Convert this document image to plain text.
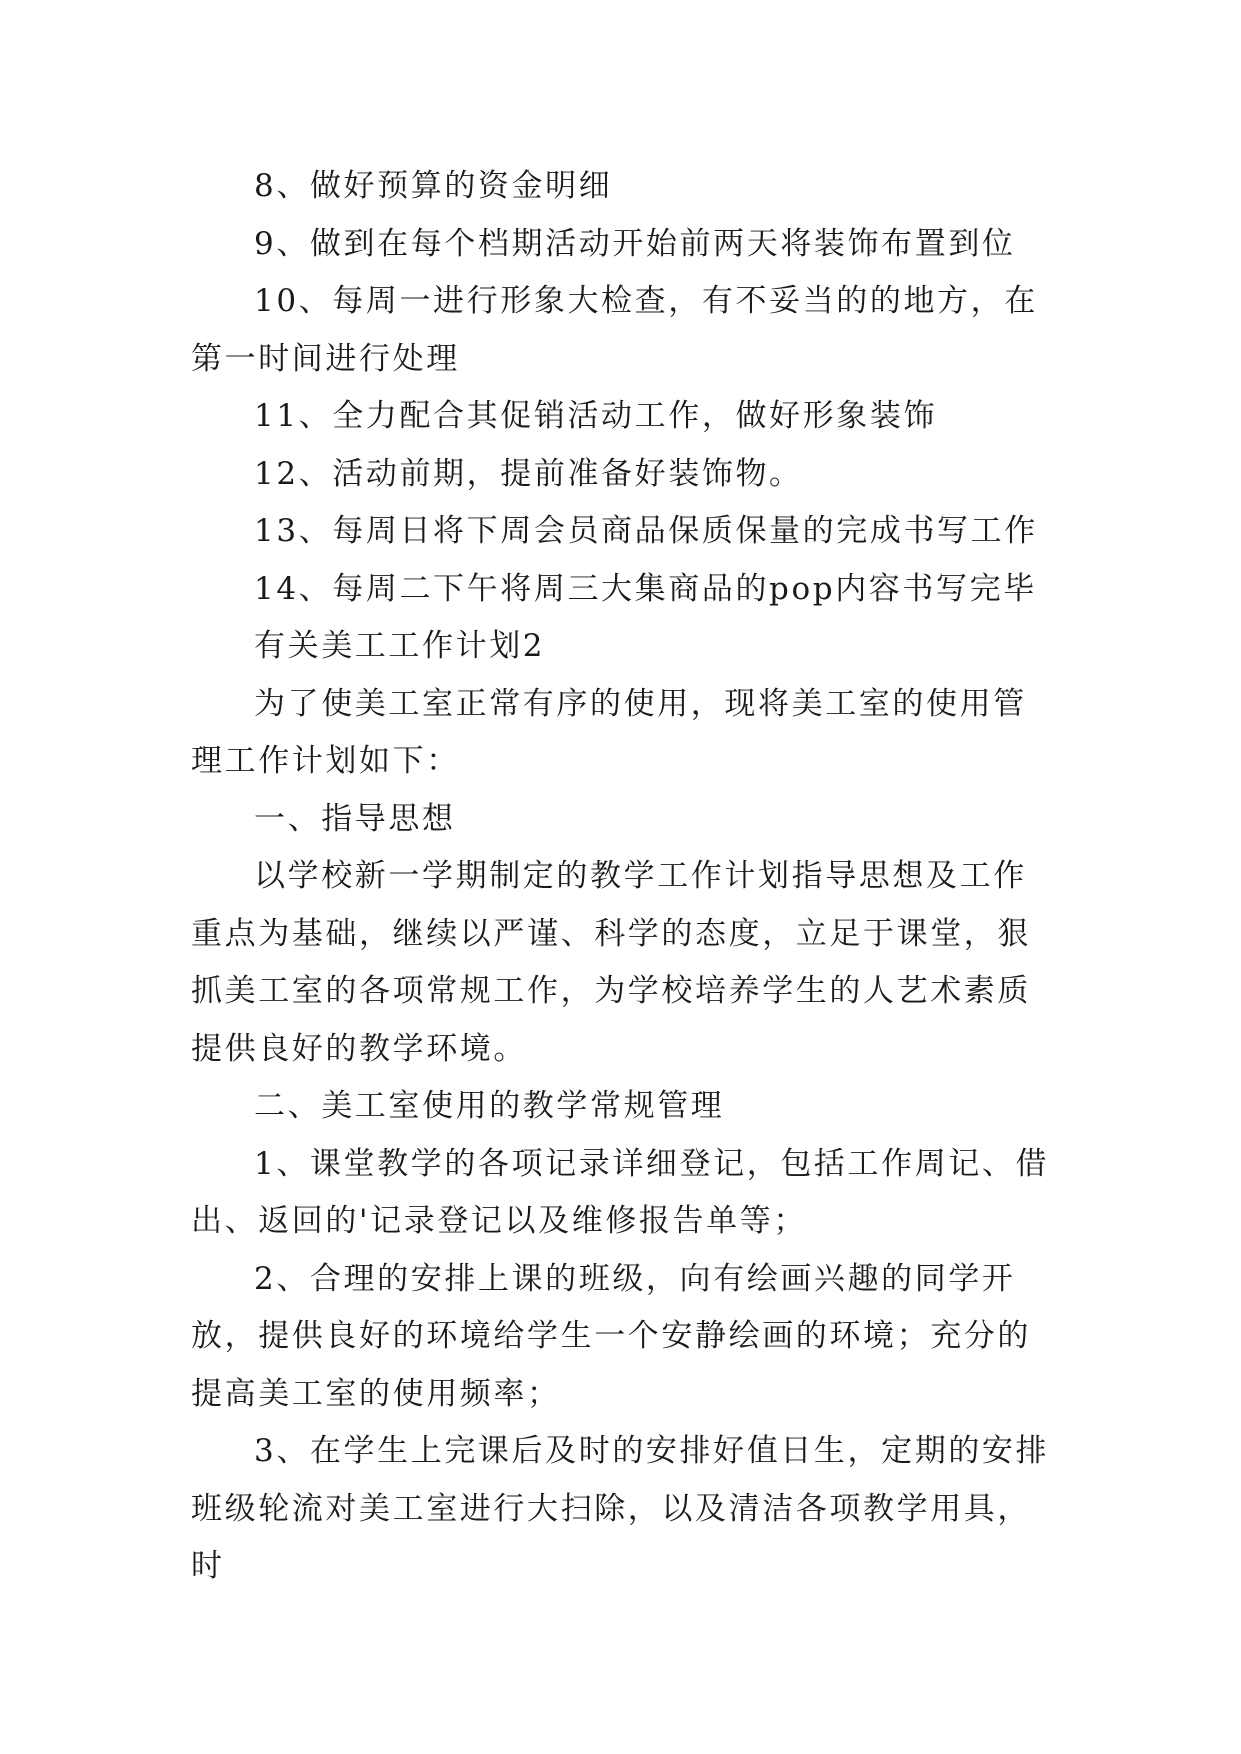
8、做好预算的资金明细

9、做到在每个档期活动开始前两天将装饰布置到位

10、每周一进行形象大检查，有不妥当的的地方，在第一时间进行处理

11、全力配合其促销活动工作，做好形象装饰

12、活动前期，提前准备好装饰物。

13、每周日将下周会员商品保质保量的完成书写工作

14、每周二下午将周三大集商品的pop内容书写完毕

有关美工工作计划2

为了使美工室正常有序的使用，现将美工室的使用管理工作计划如下：

一、指导思想

以学校新一学期制定的教学工作计划指导思想及工作重点为基础，继续以严谨、科学的态度，立足于课堂，狠抓美工室的各项常规工作，为学校培养学生的人艺术素质提供良好的教学环境。

二、美工室使用的教学常规管理

1、课堂教学的各项记录详细登记，包括工作周记、借出、返回的'记录登记以及维修报告单等；

2、合理的安排上课的班级，向有绘画兴趣的同学开放，提供良好的环境给学生一个安静绘画的环境；充分的提高美工室的使用频率；

3、在学生上完课后及时的安排好值日生，定期的安排班级轮流对美工室进行大扫除，以及清洁各项教学用具，时
